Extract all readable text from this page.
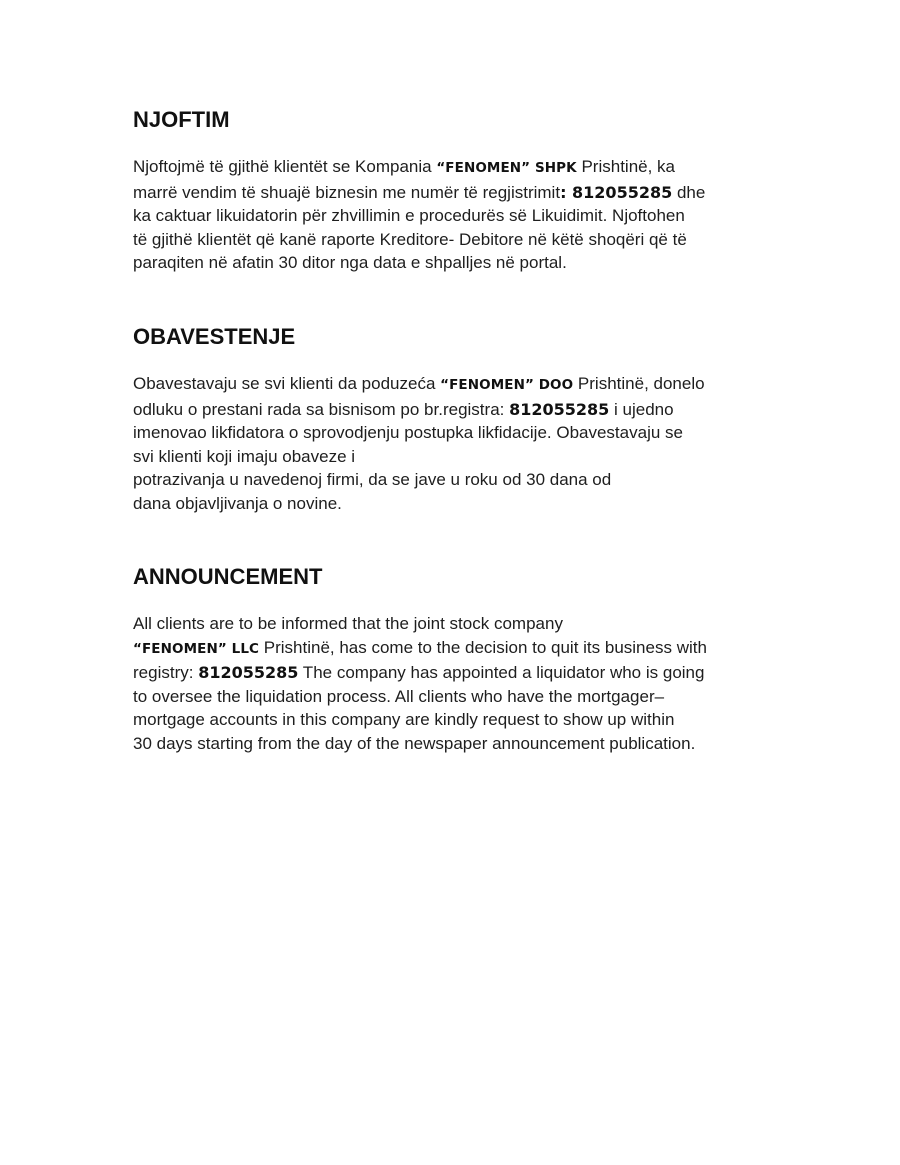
NJOFTIM
Njoftojmë të gjithë klientët se Kompania “FENOMEN” SHPK Prishtinë, ka
marrë vendim të shuajë biznesin me numër të regjistrimit: 812055285 dhe
ka caktuar likuidatorin për zhvillimin e procedurës së Likuidimit. Njoftohen
të gjithë klientët që kanë raporte Kreditore- Debitore në këtë shoqëri që të
paraqiten në afatin 30 ditor nga data e shpalljes në portal.
OBAVESTENJE
Obavestavaju se svi klienti da poduzeća “FENOMEN” DOO Prishtinë, donelo
odluku o prestani rada sa bisnisom po br.registra: 812055285 i ujedno
imenovao likfidatora o sprovodjenju postupka likfidacije. Obavestavaju se
svi klienti koji imaju obaveze i
potrazivanja u navedenoj firmi, da se jave u roku od 30 dana od
dana objavljivanja o novine.
ANNOUNCEMENT
All clients are to be informed that the joint stock company
“FENOMEN” LLC Prishtinë, has come to the decision to quit its business with
registry: 812055285 The company has appointed a liquidator who is going
to oversee the liquidation process. All clients who have the mortgager–
mortgage accounts in this company are kindly request to show up within
30 days starting from the day of the newspaper announcement publication.
